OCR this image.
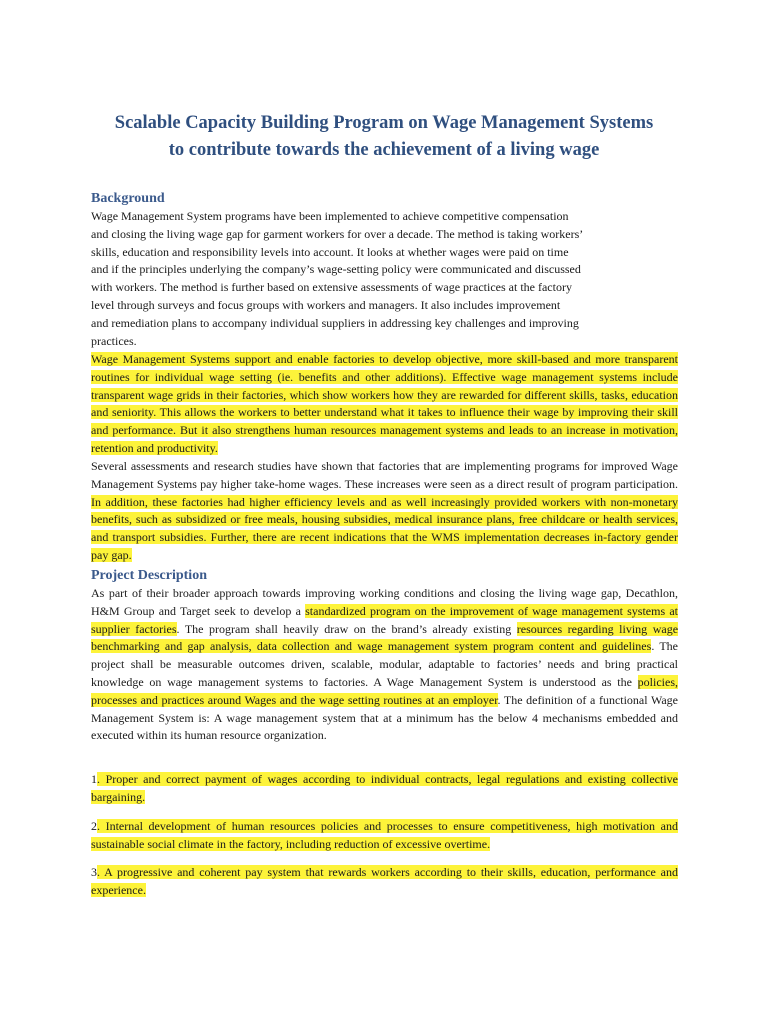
Scalable Capacity Building Program on Wage Management Systems
to contribute towards the achievement of a living wage
Background
Wage Management System programs have been implemented to achieve competitive compensation
and closing the living wage gap for garment workers for over a decade. The method is taking workers’
skills, education and responsibility levels into account. It looks at whether wages were paid on time
and if the principles underlying the company’s wage-setting policy were communicated and discussed
with workers. The method is further based on extensive assessments of wage practices at the factory
level through surveys and focus groups with workers and managers. It also includes improvement
and remediation plans to accompany individual suppliers in addressing key challenges and improving
practices.
Wage Management Systems support and enable factories to develop objective, more skill-based and more transparent routines for individual wage setting (ie. benefits and other additions). Effective wage management systems include transparent wage grids in their factories, which show workers how they are rewarded for different skills, tasks, education and seniority. This allows the workers to better understand what it takes to influence their wage by improving their skill and performance. But it also strengthens human resources management systems and leads to an increase in motivation, retention and productivity.
Several assessments and research studies have shown that factories that are implementing programs for improved Wage Management Systems pay higher take-home wages. These increases were seen as a direct result of program participation. In addition, these factories had higher efficiency levels and as well increasingly provided workers with non-monetary benefits, such as subsidized or free meals, housing subsidies, medical insurance plans, free childcare or health services, and transport subsidies. Further, there are recent indications that the WMS implementation decreases in-factory gender pay gap.
Project Description
As part of their broader approach towards improving working conditions and closing the living wage gap, Decathlon, H&M Group and Target seek to develop a standardized program on the improvement of wage management systems at supplier factories. The program shall heavily draw on the brand’s already existing resources regarding living wage benchmarking and gap analysis, data collection and wage management system program content and guidelines. The project shall be measurable outcomes driven, scalable, modular, adaptable to factories’ needs and bring practical knowledge on wage management systems to factories. A Wage Management System is understood as the policies, processes and practices around Wages and the wage setting routines at an employer. The definition of a functional Wage Management System is: A wage management system that at a minimum has the below 4 mechanisms embedded and executed within its human resource organization.
1. Proper and correct payment of wages according to individual contracts, legal regulations and existing collective bargaining.
2. Internal development of human resources policies and processes to ensure competitiveness, high motivation and sustainable social climate in the factory, including reduction of excessive overtime.
3. A progressive and coherent pay system that rewards workers according to their skills, education, performance and experience.
